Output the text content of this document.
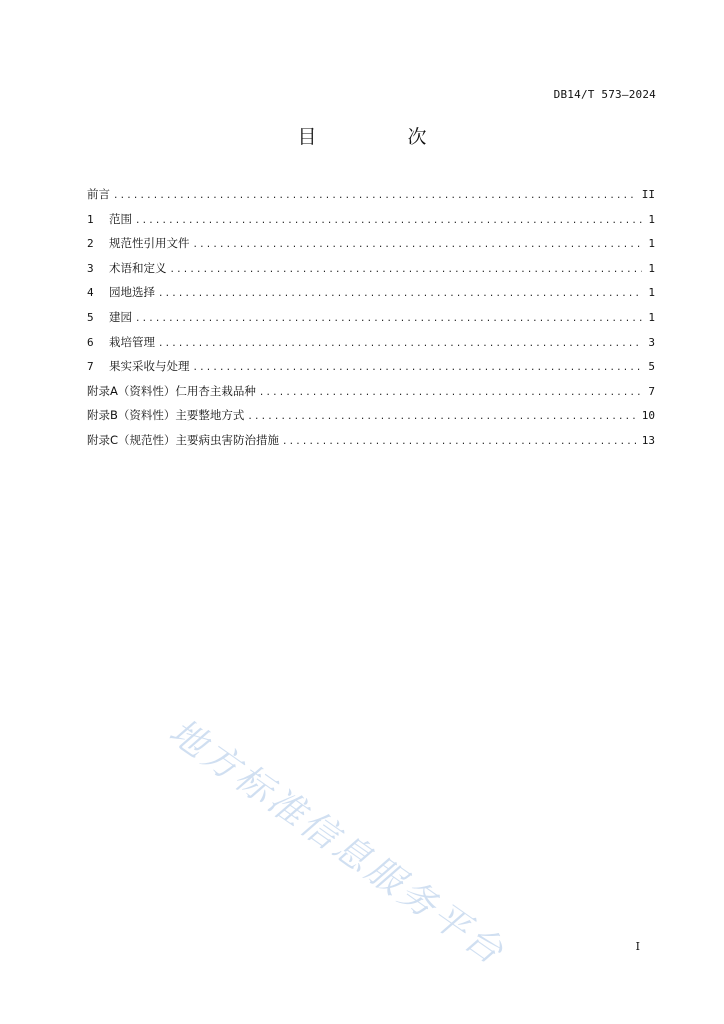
DB14/T 573—2024
目　次
前言 .....	II
1	范围 .....	1
2	规范性引用文件 .....	1
3	术语和定义 .....	1
4	园地选择 .....	1
5	建园 .....	1
6	栽培管理 .....	3
7	果实采收与处理 .....	5
附录A（资料性）仁用杏主栽品种 .....	7
附录B（资料性）主要整地方式 .....	10
附录C（规范性）主要病虫害防治措施 .....	13
地方标准信息服务平台	I
